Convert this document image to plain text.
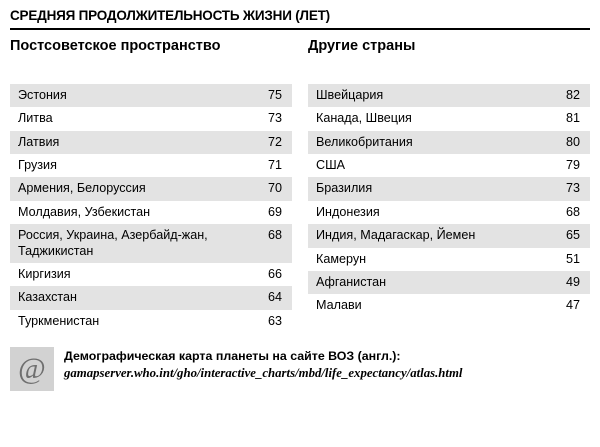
СРЕДНЯЯ ПРОДОЛЖИТЕЛЬНОСТЬ ЖИЗНИ (ЛЕТ)
Постсоветское пространство
Эстония	75
Литва	73
Латвия	72
Грузия	71
Армения, Белоруссия	70
Молдавия, Узбекистан	69
Россия, Украина, Азербайд-жан, Таджикистан	68
Киргизия	66
Казахстан	64
Туркменистан	63
Другие страны
Швейцария	82
Канада, Швеция	81
Великобритания	80
США	79
Бразилия	73
Индонезия	68
Индия, Мадагаскар, Йемен	65
Камерун	51
Афганистан	49
Малави	47
@	Демографическая карта планеты на сайте ВОЗ (англ.):
gamapserver.who.int/gho/interactive_charts/mbd/life_expectancy/atlas.html
